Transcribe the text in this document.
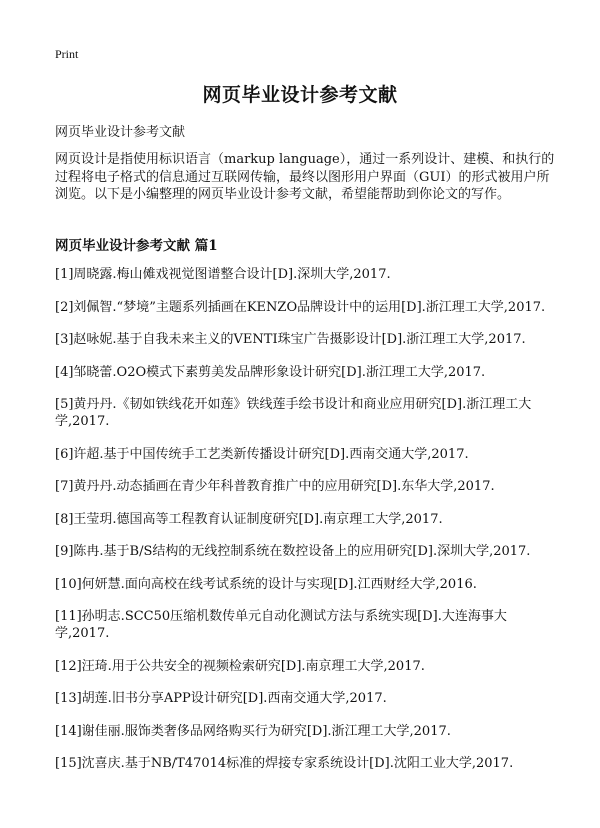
Print
网页毕业设计参考文献

网页毕业设计参考文献

网页设计是指使用标识语言（markup language），通过一系列设计、建模、和执行的过程将电子格式的信息通过互联网传输，最终以图形用户界面（GUI）的形式被用户所浏览。以下是小编整理的网页毕业设计参考文献，希望能帮助到你论文的写作。

网页毕业设计参考文献 篇1
[1]周晓露.梅山傩戏视觉图谱整合设计[D].深圳大学,2017.
[2]刘佩智.“梦境”主题系列插画在KENZO品牌设计中的运用[D].浙江理工大学,2017.
[3]赵咏妮.基于自我未来主义的VENTI珠宝广告摄影设计[D].浙江理工大学,2017.
[4]邹晓蕾.O2O模式下素剪美发品牌形象设计研究[D].浙江理工大学,2017.
[5]黄丹丹.《韧如铁线花开如莲》铁线莲手绘书设计和商业应用研究[D].浙江理工大学,2017.
[6]许超.基于中国传统手工艺类新传播设计研究[D].西南交通大学,2017.
[7]黄丹丹.动态插画在青少年科普教育推广中的应用研究[D].东华大学,2017.
[8]王莹玥.德国高等工程教育认证制度研究[D].南京理工大学,2017.
[9]陈冉.基于B/S结构的无线控制系统在数控设备上的应用研究[D].深圳大学,2017.
[10]何妍慧.面向高校在线考试系统的设计与实现[D].江西财经大学,2016.
[11]孙明志.SCC50压缩机数传单元自动化测试方法与系统实现[D].大连海事大学,2017.
[12]汪琦.用于公共安全的视频检索研究[D].南京理工大学,2017.
[13]胡莲.旧书分享APP设计研究[D].西南交通大学,2017.
[14]谢佳丽.服饰类奢侈品网络购买行为研究[D].浙江理工大学,2017.
[15]沈喜庆.基于NB/T47014标准的焊接专家系统设计[D].沈阳工业大学,2017.
